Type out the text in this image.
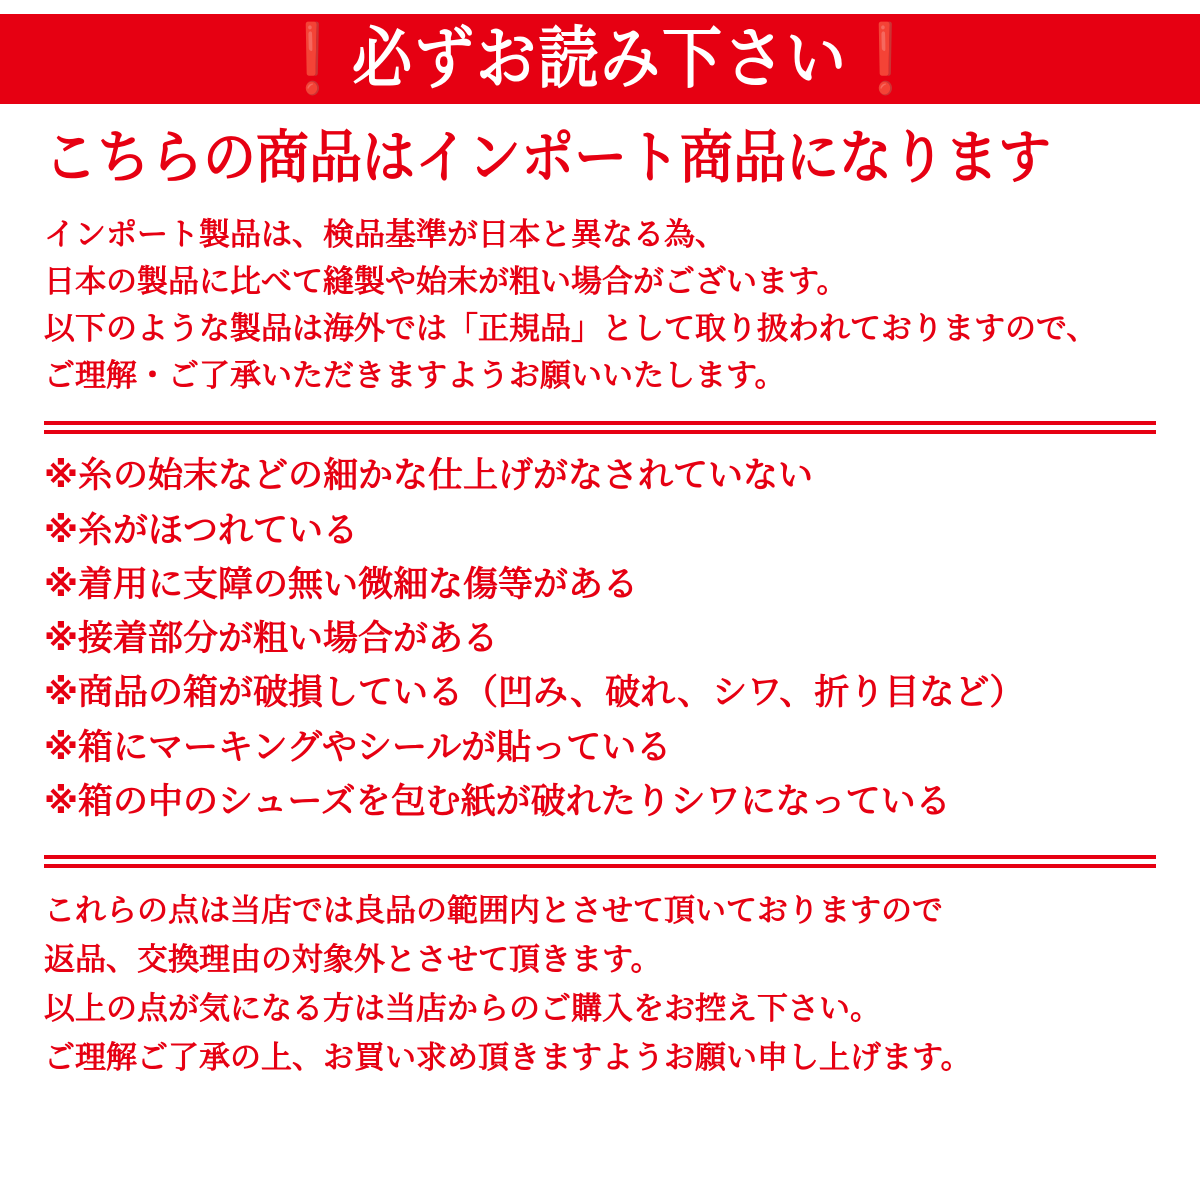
❗必ずお読み下さい❗
こちらの商品はインポート商品になります
インポート製品は、検品基準が日本と異なる為、
日本の製品に比べて縫製や始末が粗い場合がございます。
以下のような製品は海外では「正規品」として取り扱われておりますので、
ご理解・ご了承いただきますようお願いいたします。
※糸の始末などの細かな仕上げがなされていない
※糸がほつれている
※着用に支障の無い微細な傷等がある
※接着部分が粗い場合がある
※商品の箱が破損している（凹み、破れ、シワ、折り目など）
※箱にマーキングやシールが貼っている
※箱の中のシューズを包む紙が破れたりシワになっている
これらの点は当店では良品の範囲内とさせて頂いておりますので
返品、交換理由の対象外とさせて頂きます。
以上の点が気になる方は当店からのご購入をお控え下さい。
ご理解ご了承の上、お買い求め頂きますようお願い申し上げます。
